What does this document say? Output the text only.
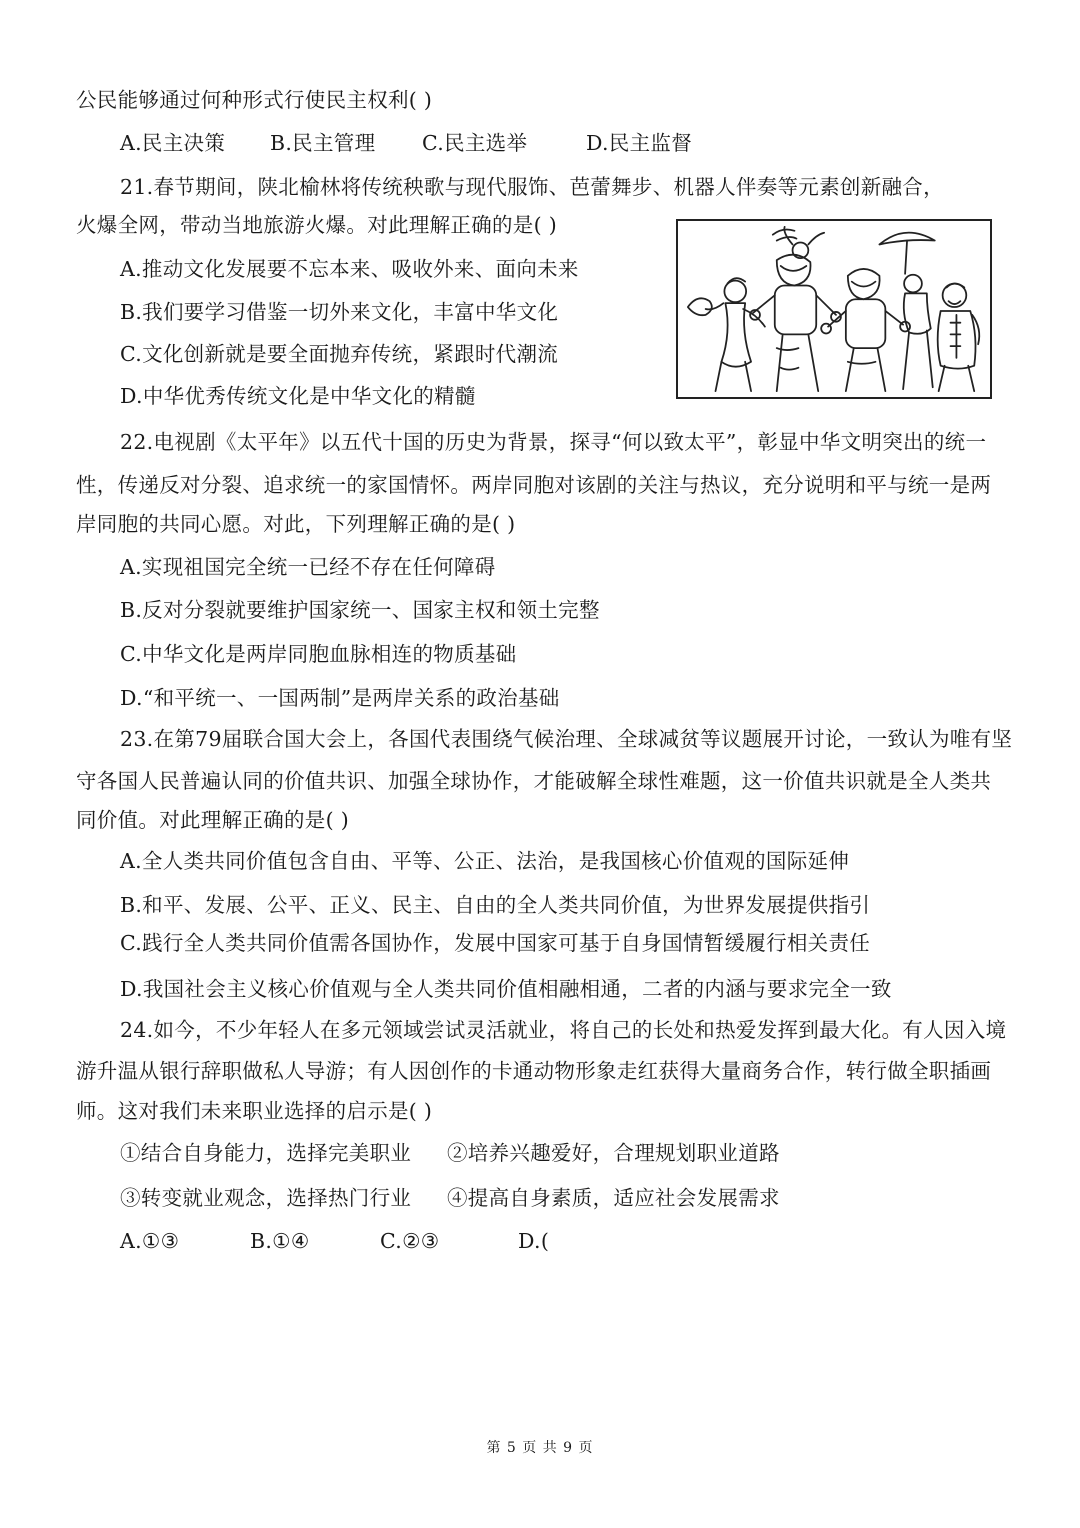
公民能够通过何种形式行使民主权利( )
A.民主决策 B.民主管理 C.民主选举	D.民主监督
21.春节期间，陕北榆林将传统秧歌与现代服饰、芭蕾舞步、机器人伴奏等元素创新融合，
火爆全网，带动当地旅游火爆。对此理解正确的是( )
A.推动文化发展要不忘本来、吸收外来、面向未来
B.我们要学习借鉴一切外来文化，丰富中华文化
C.文化创新就是要全面抛弃传统，紧跟时代潮流
D.中华优秀传统文化是中华文化的精髓
22.电视剧《太平年》以五代十国的历史为背景，探寻“何以致太平”，彰显中华文明突出的统一
性，传递反对分裂、追求统一的家国情怀。两岸同胞对该剧的关注与热议，充分说明和平与统一是两
岸同胞的共同心愿。对此，下列理解正确的是( )
A.实现祖国完全统一已经不存在任何障碍
B.反对分裂就要维护国家统一、国家主权和领土完整
C.中华文化是两岸同胞血脉相连的物质基础
D.“和平统一、一国两制”是两岸关系的政治基础
23.在第79届联合国大会上，各国代表围绕气候治理、全球减贫等议题展开讨论，一致认为唯有坚
守各国人民普遍认同的价值共识、加强全球协作，才能破解全球性难题，这一价值共识就是全人类共
同价值。对此理解正确的是( )
A.全人类共同价值包含自由、平等、公正、法治，是我国核心价值观的国际延伸
B.和平、发展、公平、正义、民主、自由的全人类共同价值，为世界发展提供指引
C.践行全人类共同价值需各国协作，发展中国家可基于自身国情暂缓履行相关责任
D.我国社会主义核心价值观与全人类共同价值相融相通，二者的内涵与要求完全一致
24.如今，不少年轻人在多元领域尝试灵活就业，将自己的长处和热爱发挥到最大化。有人因入境
游升温从银行辞职做私人导游；有人因创作的卡通动物形象走红获得大量商务合作，转行做全职插画
师。这对我们未来职业选择的启示是( )
①结合自身能力，选择完美职业 ②培养兴趣爱好，合理规划职业道路
③转变就业观念，选择热门行业 ④提高自身素质，适应社会发展需求
A.①③	B.①④	C.②③	D.(
第 5 页 共 9 页
